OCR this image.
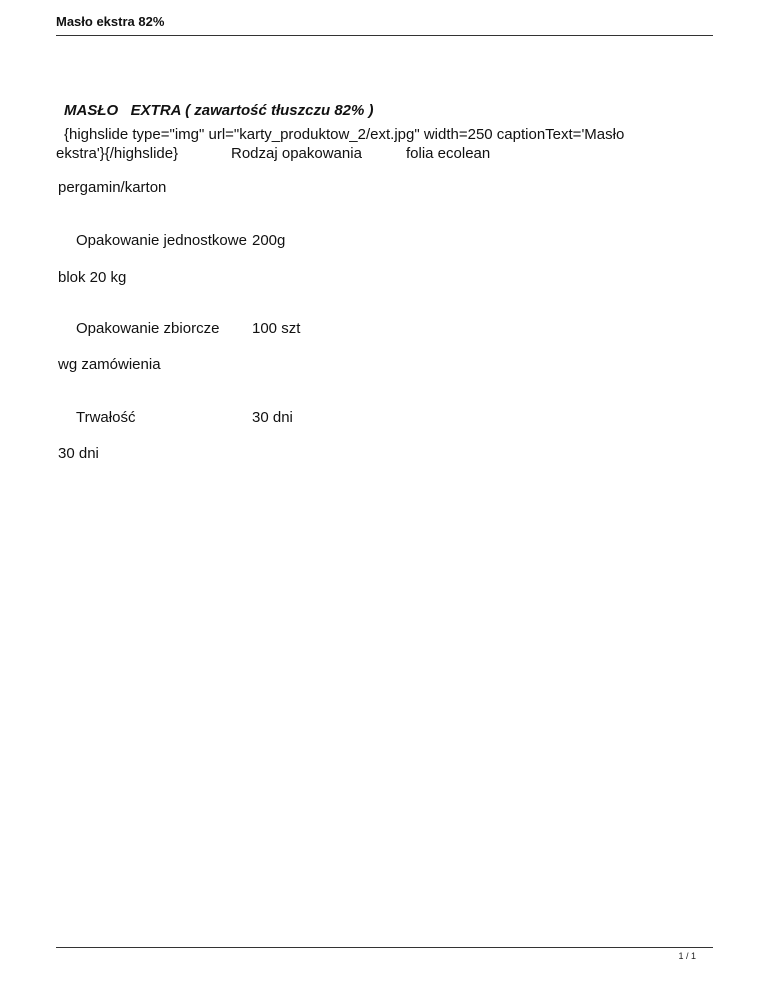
Masło ekstra 82%
MASŁO   EXTRA ( zawartość tłuszczu 82% )
{highslide type="img" url="karty_produktow_2/ext.jpg" width=250 captionText='Masło
ekstra'}{/highslide}	Rodzaj opakowania	folia ecolean
pergamin/karton
Opakowanie jednostkowe 200g
blok 20 kg
Opakowanie zbiorcze 100 szt
wg zamówienia
Trwałość	30 dni
30 dni
1 / 1
